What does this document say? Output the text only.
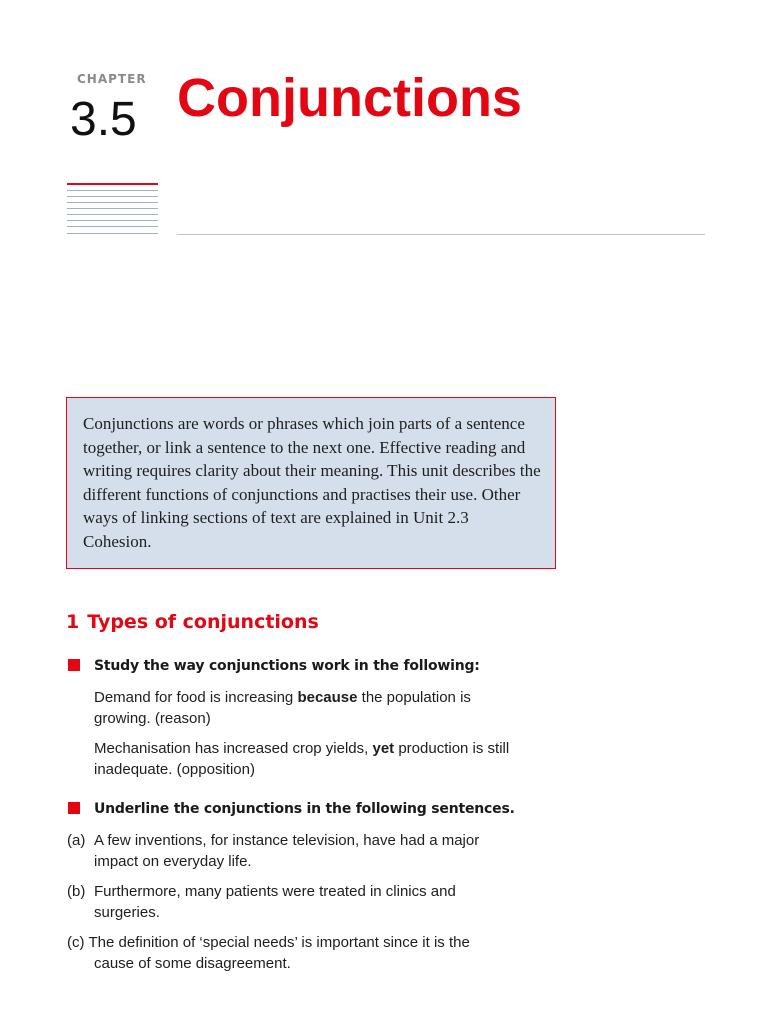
CHAPTER
3.5 Conjunctions

Conjunctions are words or phrases which join parts of a sentence together, or link a sentence to the next one. Effective reading and writing requires clarity about their meaning. This unit describes the different functions of conjunctions and practises their use. Other ways of linking sections of text are explained in Unit 2.3 Cohesion.

1 Types of conjunctions
Study the way conjunctions work in the following:

Demand for food is increasing because the population is
growing. (reason)

Mechanisation has increased crop yields, yet production is still
inadequate. (opposition)

Underline the conjunctions in the following sentences.
(a) A few inventions, for instance television, have had a major
impact on everyday life.
(b) Furthermore, many patients were treated in clinics and
surgeries.
(c) The definition of ‘special needs’ is important since it is the
cause of some disagreement.
